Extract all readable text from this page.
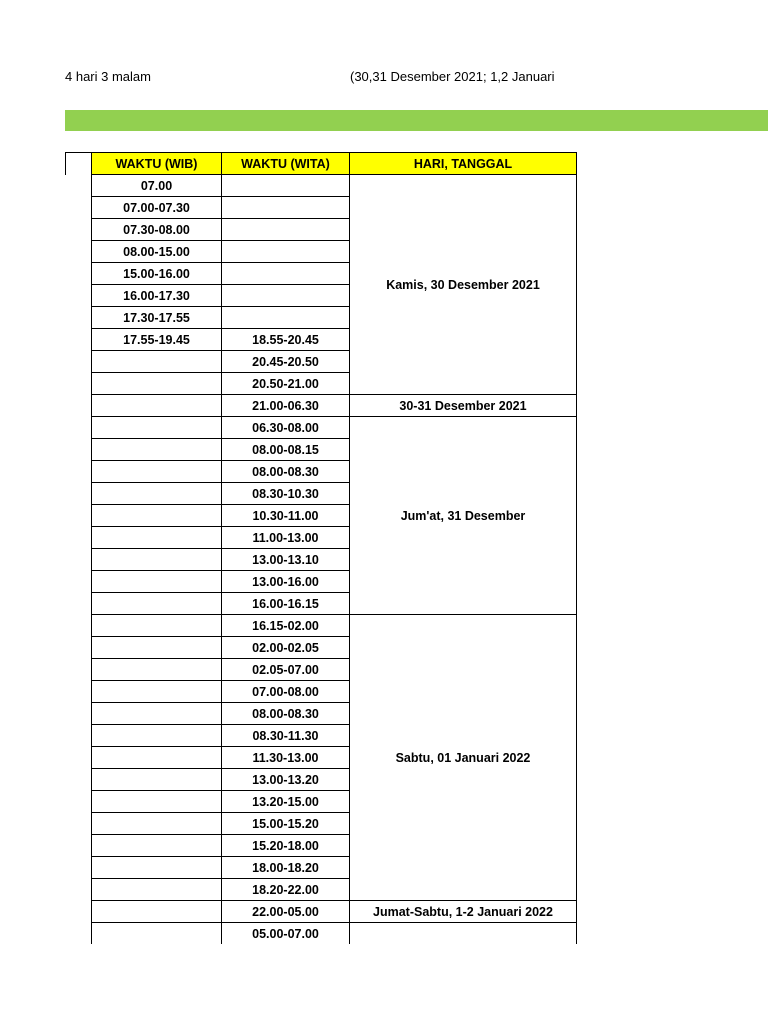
4 hari 3 malam	(30,31 Desember 2021; 1,2 Januari
	WAKTU (WIB)	WAKTU (WITA)	HARI, TANGGAL
	07.00		Kamis, 30 Desember 2021
	07.00-07.30		
	07.30-08.00		
	08.00-15.00		
	15.00-16.00		
	16.00-17.30		
	17.30-17.55		
	17.55-19.45	18.55-20.45	
		20.45-20.50	
		20.50-21.00	
		21.00-06.30	30-31 Desember 2021
		06.30-08.00	Jum'at, 31 Desember
		08.00-08.15	
		08.00-08.30	
		08.30-10.30	
		10.30-11.00	
		11.00-13.00	
		13.00-13.10	
		13.00-16.00	
		16.00-16.15	
		16.15-02.00	Sabtu, 01 Januari 2022
		02.00-02.05	
		02.05-07.00	
		07.00-08.00	
		08.00-08.30	
		08.30-11.30	
		11.30-13.00	
		13.00-13.20	
		13.20-15.00	
		15.00-15.20	
		15.20-18.00	
		18.00-18.20	
		18.20-22.00	
		22.00-05.00	Jumat-Sabtu, 1-2 Januari 2022
		05.00-07.00	
